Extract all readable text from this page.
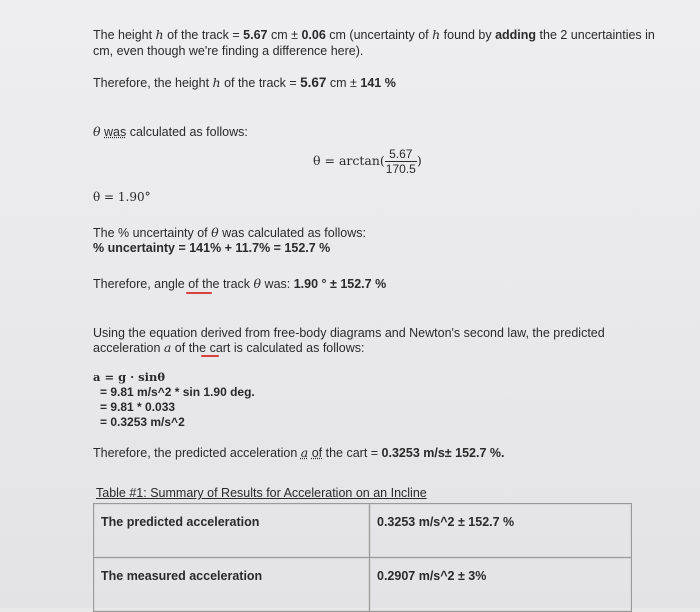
The height h of the track = 5.67 cm ± 0.06 cm (uncertainty of h found by adding the 2 uncertainties in
cm, even though we're finding a difference here).
Therefore, the height h of the track = 5.67 cm ± 141 %
θ was calculated as follows:
$\theta = \arctan( \frac{5.67}{170.5}$ )
θ = 1.90°
The % uncertainty of θ was calculated as follows:
% uncertainty = 141% + 11.7% = 152.7 %
Therefore, angle of the track θ was: 1.90 ° ± 152.7 %
Using the equation derived from free-body diagrams and Newton's second law, the predicted
acceleration a of the cart is calculated as follows:
a = g · sinθ
= 9.81 m/s^2 * sin 1.90 deg.
= 9.81 * 0.033
= 0.3253 m/s^2
Therefore, the predicted acceleration a of the cart = 0.3253 m/s± 152.7 %.
Table #1: Summary of Results for Acceleration on an Incline
The predicted acceleration	0.3253 m/s^2 ± 152.7 %
The measured acceleration	0.2907 m/s^2 ± 3%
